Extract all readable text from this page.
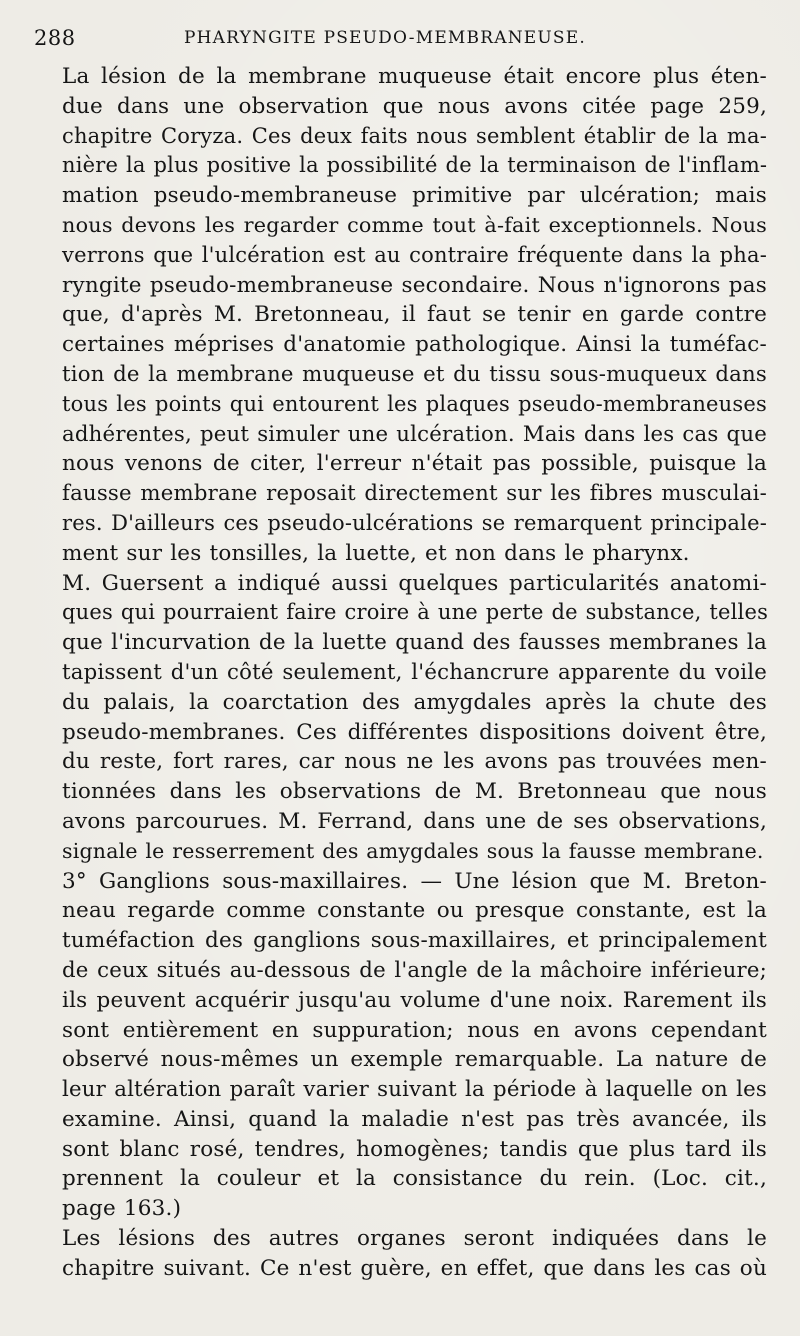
288	PHARYNGITE PSEUDO-MEMBRANEUSE.

La lésion de la membrane muqueuse était encore plus éten-
due dans une observation que nous avons citée page 259,
chapitre Coryza. Ces deux faits nous semblent établir de la ma-
nière la plus positive la possibilité de la terminaison de l'inflam-
mation pseudo-membraneuse primitive par ulcération; mais
nous devons les regarder comme tout à-fait exceptionnels. Nous
verrons que l'ulcération est au contraire fréquente dans la pha-
ryngite pseudo-membraneuse secondaire. Nous n'ignorons pas
que, d'après M. Bretonneau, il faut se tenir en garde contre
certaines méprises d'anatomie pathologique. Ainsi la tuméfac-
tion de la membrane muqueuse et du tissu sous-muqueux dans
tous les points qui entourent les plaques pseudo-membraneuses
adhérentes, peut simuler une ulcération. Mais dans les cas que
nous venons de citer, l'erreur n'était pas possible, puisque la
fausse membrane reposait directement sur les fibres musculai-
res. D'ailleurs ces pseudo-ulcérations se remarquent principale-
ment sur les tonsilles, la luette, et non dans le pharynx.

M. Guersent a indiqué aussi quelques particularités anatomi-
ques qui pourraient faire croire à une perte de substance, telles
que l'incurvation de la luette quand des fausses membranes la
tapissent d'un côté seulement, l'échancrure apparente du voile
du palais, la coarctation des amygdales après la chute des
pseudo-membranes. Ces différentes dispositions doivent être,
du reste, fort rares, car nous ne les avons pas trouvées men-
tionnées dans les observations de M. Bretonneau que nous
avons parcourues. M. Ferrand, dans une de ses observations,
signale le resserrement des amygdales sous la fausse membrane.

3° Ganglions sous-maxillaires. — Une lésion que M. Breton-
neau regarde comme constante ou presque constante, est la
tuméfaction des ganglions sous-maxillaires, et principalement
de ceux situés au-dessous de l'angle de la mâchoire inférieure;
ils peuvent acquérir jusqu'au volume d'une noix. Rarement ils
sont entièrement en suppuration; nous en avons cependant
observé nous-mêmes un exemple remarquable. La nature de
leur altération paraît varier suivant la période à laquelle on les
examine. Ainsi, quand la maladie n'est pas très avancée, ils
sont blanc rosé, tendres, homogènes; tandis que plus tard ils
prennent la couleur et la consistance du rein. (Loc. cit.,
page 163.)

Les lésions des autres organes seront indiquées dans le
chapitre suivant. Ce n'est guère, en effet, que dans les cas où
